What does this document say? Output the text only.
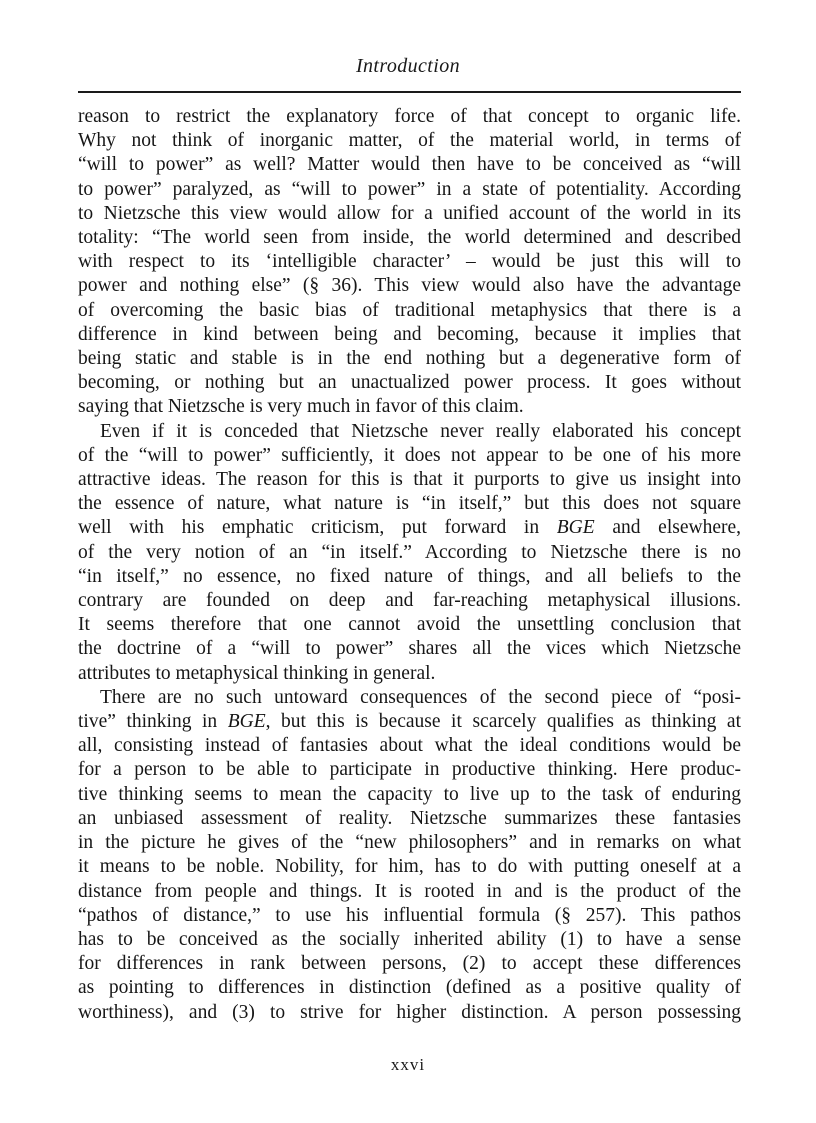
Introduction

reason to restrict the explanatory force of that concept to organic life.
Why not think of inorganic matter, of the material world, in terms of
“will to power” as well? Matter would then have to be conceived as “will
to power” paralyzed, as “will to power” in a state of potentiality. According
to Nietzsche this view would allow for a unified account of the world in its
totality: “The world seen from inside, the world determined and described
with respect to its ‘intelligible character’ – would be just this will to
power and nothing else” (§ 36). This view would also have the advantage
of overcoming the basic bias of traditional metaphysics that there is a
difference in kind between being and becoming, because it implies that
being static and stable is in the end nothing but a degenerative form of
becoming, or nothing but an unactualized power process. It goes without
saying that Nietzsche is very much in favor of this claim.

Even if it is conceded that Nietzsche never really elaborated his concept
of the “will to power” sufficiently, it does not appear to be one of his more
attractive ideas. The reason for this is that it purports to give us insight into
the essence of nature, what nature is “in itself,” but this does not square
well with his emphatic criticism, put forward in BGE and elsewhere,
of the very notion of an “in itself.” According to Nietzsche there is no
“in itself,” no essence, no fixed nature of things, and all beliefs to the
contrary are founded on deep and far-reaching metaphysical illusions.
It seems therefore that one cannot avoid the unsettling conclusion that
the doctrine of a “will to power” shares all the vices which Nietzsche
attributes to metaphysical thinking in general.

There are no such untoward consequences of the second piece of “posi-
tive” thinking in BGE, but this is because it scarcely qualifies as thinking at
all, consisting instead of fantasies about what the ideal conditions would be
for a person to be able to participate in productive thinking. Here produc-
tive thinking seems to mean the capacity to live up to the task of enduring
an unbiased assessment of reality. Nietzsche summarizes these fantasies
in the picture he gives of the “new philosophers” and in remarks on what
it means to be noble. Nobility, for him, has to do with putting oneself at a
distance from people and things. It is rooted in and is the product of the
“pathos of distance,” to use his influential formula (§ 257). This pathos
has to be conceived as the socially inherited ability (1) to have a sense
for differences in rank between persons, (2) to accept these differences
as pointing to differences in distinction (defined as a positive quality of
worthiness), and (3) to strive for higher distinction. A person possessing

xxvi
